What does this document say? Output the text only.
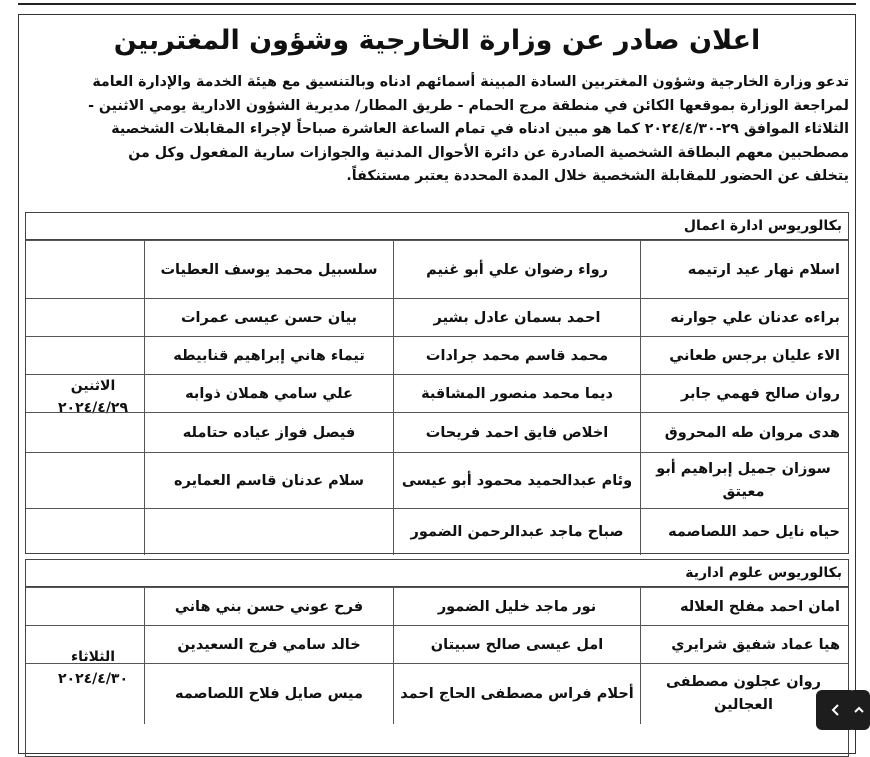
اعلان صادر عن وزارة الخارجية وشؤون المغتربين

تدعو وزارة الخارجية وشؤون المغتربين السادة المبينة أسمائهم ادناه وبالتنسيق مع هيئة الخدمة والإدارة العامة
لمراجعة الوزارة بموقعها الكائن في منطقة مرج الحمام - طريق المطار/ مديرية الشؤون الادارية يومي الاثنين -
الثلاثاء الموافق ٢٩-٢٠٢٤/٤/٣٠ كما هو مبين ادناه في تمام الساعة العاشرة صباحاً لإجراء المقابلات الشخصية
مصطحبين معهم البطاقة الشخصية الصادرة عن دائرة الأحوال المدنية والجوازات سارية المفعول وكل من
يتخلف عن الحضور للمقابلة الشخصية خلال المدة المحددة يعتبر مستنكفاً.

بكالوريوس ادارة اعمال
الاثنين
٢٠٢٤/٤/٢٩
اسلام نهار عيد ارتيمه
رواء رضوان علي أبو غنيم
سلسبيل محمد يوسف العطيات
براءه عدنان علي جوارنه
احمد بسمان عادل بشير
بيان حسن عيسى عمرات
الاء عليان برجس طعاني
محمد قاسم محمد جرادات
تيماء هاني إبراهيم قنابيطه
روان صالح فهمي جابر
ديما محمد منصور المشاقبة
علي سامي هملان ذوابه
هدى مروان طه المحروق
اخلاص فايق احمد فريحات
فيصل فواز عياده حتامله
سوزان جميل إبراهيم أبو معيتق
وئام عبدالحميد محمود أبو عيسى
سلام عدنان قاسم العمايره
حياه نايل حمد اللصاصمه
صباح ماجد عبدالرحمن الضمور
بكالوريوس علوم ادارية
الثلاثاء
٢٠٢٤/٤/٣٠
امان احمد مفلح العلاله
نور ماجد خليل الضمور
فرح عوني حسن بني هاني
هيا عماد شفيق شرايري
امل عيسى صالح سبيتان
خالد سامي فرج السعيدين
روان عجلون مصطفى العجالين
أحلام فراس مصطفى الحاج احمد
ميس صايل فلاح اللصاصمه
